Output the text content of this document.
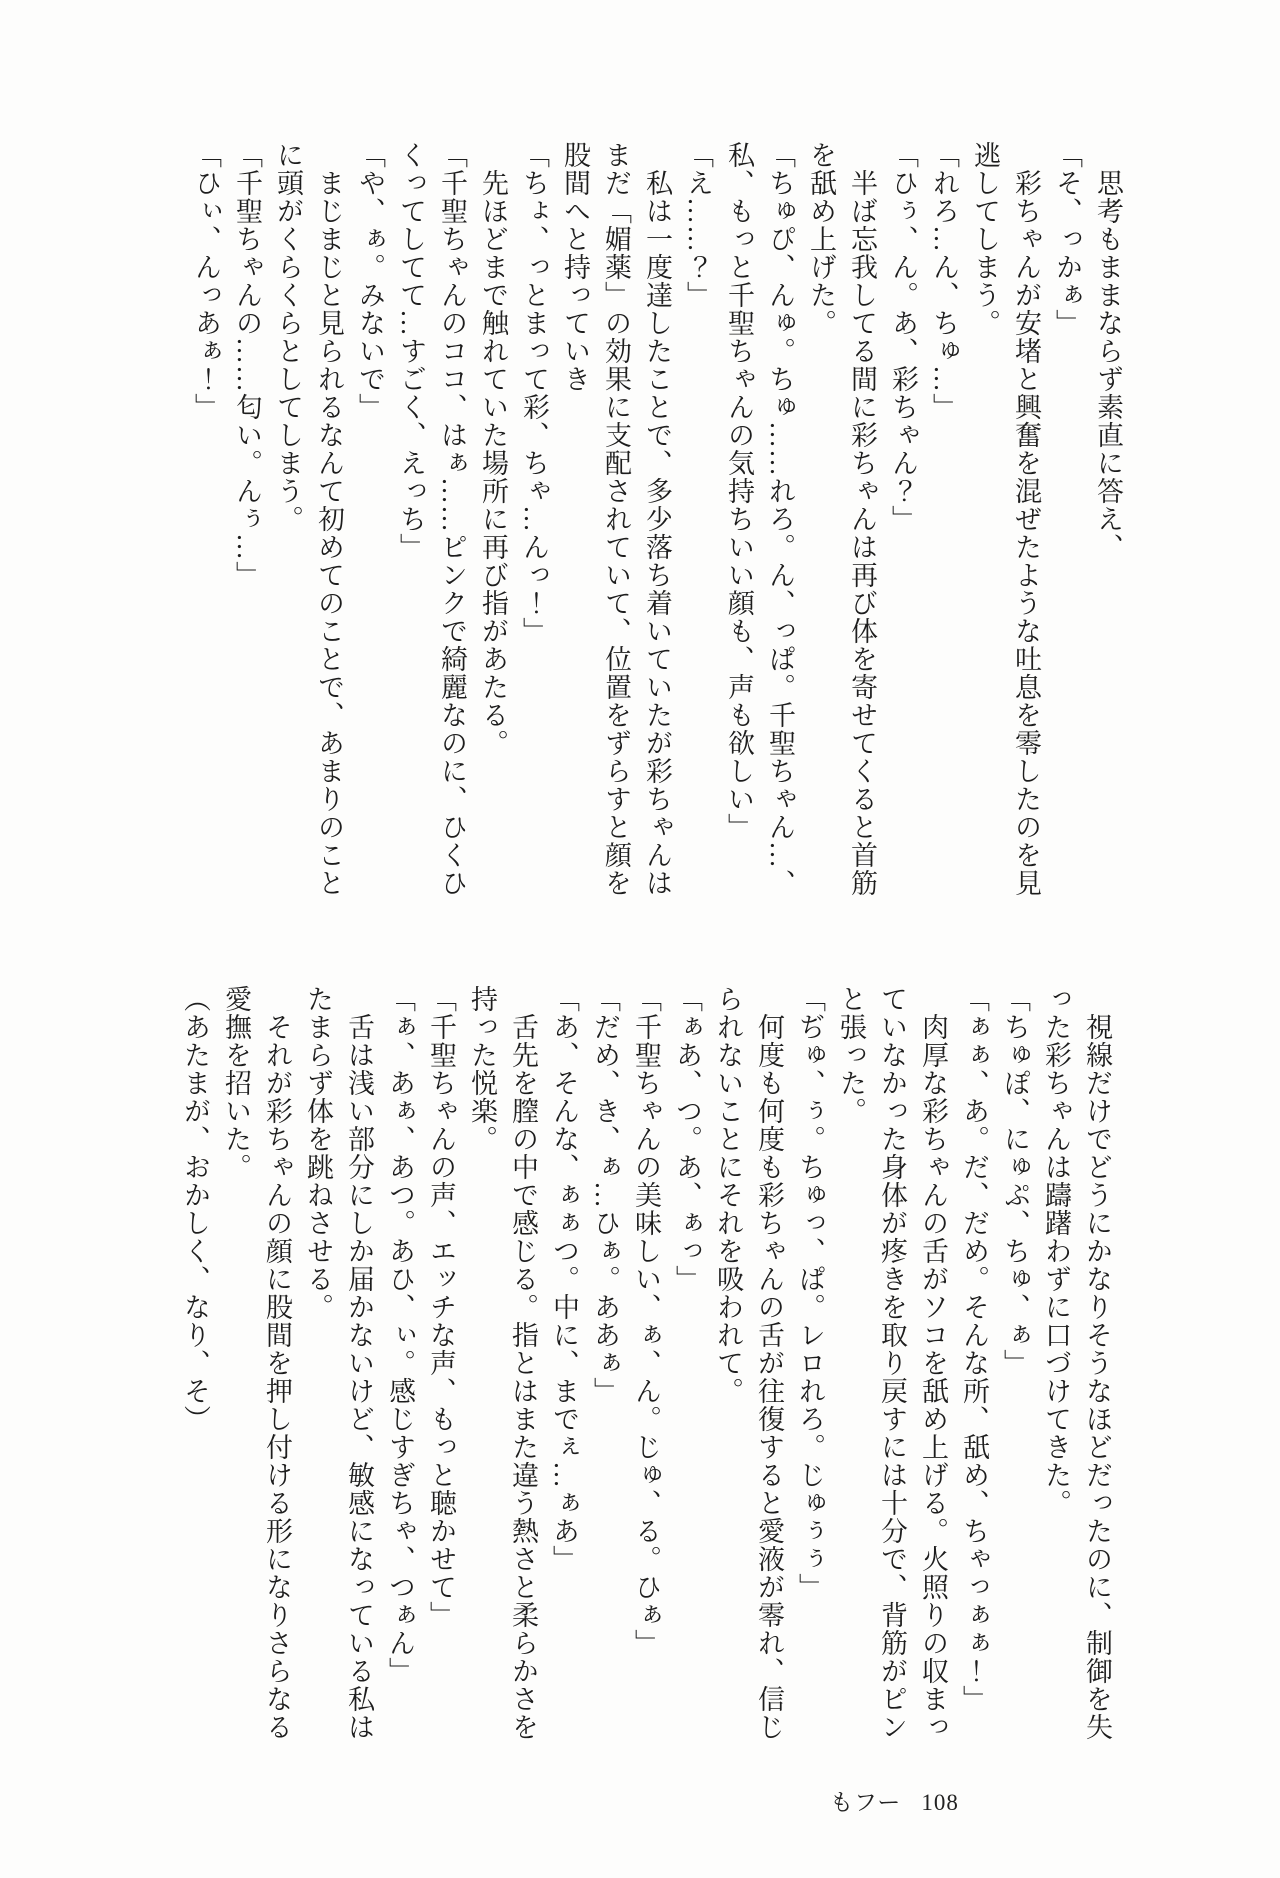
　思考もままならず素直に答え、

「そ、っかぁ」

　彩ちゃんが安堵と興奮を混ぜたような吐息を零したのを見逃してしまう。

「れろ…ん、ちゅ…」

「ひぅ、ん。あ、彩ちゃん？」

　半ば忘我してる間に彩ちゃんは再び体を寄せてくると首筋を舐め上げた。

「ちゅぴ、んゅ。ちゅ……れろ。ん、っぱ。千聖ちゃん…、私、もっと千聖ちゃんの気持ちいい顔も、声も欲しい」

「え……？」

　私は一度達したことで、多少落ち着いていたが彩ちゃんはまだ「媚薬」の効果に支配されていて、位置をずらすと顔を股間へと持っていき

「ちょ、っとまって彩、ちゃ…んっ！」

　先ほどまで触れていた場所に再び指があたる。

「千聖ちゃんのココ、はぁ……ピンクで綺麗なのに、ひくひくってしてて…すごく、えっち」

「や、ぁ。みないで」

　まじまじと見られるなんて初めてのことで、あまりのことに頭がくらくらとしてしまう。

「千聖ちゃんの……匂い。んぅ…」

「ひぃ、んっあぁ！」

　視線だけでどうにかなりそうなほどだったのに、制御を失った彩ちゃんは躊躇わずに口づけてきた。

「ちゅぽ、にゅぷ、ちゅ、ぁ」

「ぁぁ、あ。だ、だめ。そんな所、舐め、ちゃっぁぁ！」

　肉厚な彩ちゃんの舌がソコを舐め上げる。火照りの収まっていなかった身体が疼きを取り戻すには十分で、背筋がピンと張った。

「ぢゅ、ぅ。ちゅっ、ぱ。レロれろ。じゅぅぅ」

　何度も何度も彩ちゃんの舌が往復すると愛液が零れ、信じられないことにそれを吸われて。

「ぁあ、つ。あ、ぁっ」

「千聖ちゃんの美味しい、ぁ、ん。じゅ、る。ひぁ」

「だめ、き、ぁ…ひぁ。ああぁ」

「あ、そんな、ぁぁつ。中に、までぇ…ぁあ」

　舌先を膣の中で感じる。指とはまた違う熱さと柔らかさを持った悦楽。

「千聖ちゃんの声、エッチな声、もっと聴かせて」

「ぁ、あぁ、あつ。あひ、ぃ。感じすぎちゃ、つぁん」

　舌は浅い部分にしか届かないけど、敏感になっている私はたまらず体を跳ねさせる。

　それが彩ちゃんの顔に股間を押し付ける形になりさらなる愛撫を招いた。

（あたまが、おかしく、なり、そ）

もフー 108
